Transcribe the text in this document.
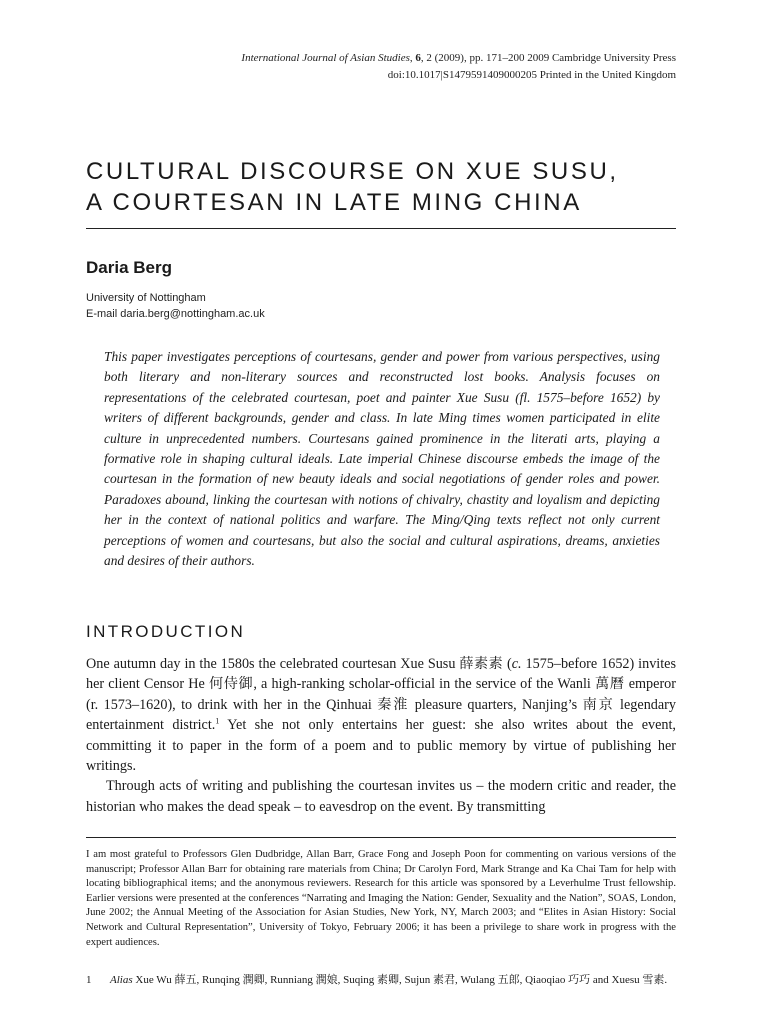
International Journal of Asian Studies, 6, 2 (2009), pp. 171–200 2009 Cambridge University Press
doi:10.1017|S1479591409000205 Printed in the United Kingdom
CULTURAL DISCOURSE ON XUE SUSU,
A COURTESAN IN LATE MING CHINA
Daria Berg
University of Nottingham
E-mail daria.berg@nottingham.ac.uk

This paper investigates perceptions of courtesans, gender and power from various perspectives, using both literary and non-literary sources and reconstructed lost books. Analysis focuses on representations of the celebrated courtesan, poet and painter Xue Susu (fl. 1575–before 1652) by writers of different backgrounds, gender and class. In late Ming times women participated in elite culture in unprecedented numbers. Courtesans gained prominence in the literati arts, playing a formative role in shaping cultural ideals. Late imperial Chinese discourse embeds the image of the courtesan in the formation of new beauty ideals and social negotiations of gender roles and power. Paradoxes abound, linking the courtesan with notions of chivalry, chastity and loyalism and depicting her in the context of national politics and warfare. The Ming/Qing texts reflect not only current perceptions of women and courtesans, but also the social and cultural aspirations, dreams, anxieties and desires of their authors.

INTRODUCTION

One autumn day in the 1580s the celebrated courtesan Xue Susu 薛素素 (c. 1575–before 1652) invites her client Censor He 何侍御, a high-ranking scholar-official in the service of the Wanli 萬曆 emperor (r. 1573–1620), to drink with her in the Qinhuai 秦淮 pleasure quarters, Nanjing’s 南京 legendary entertainment district.$^1$ Yet she not only entertains her guest: she also writes about the event, committing it to paper in the form of a poem and to public memory by virtue of publishing her writings.

Through acts of writing and publishing the courtesan invites us – the modern critic and reader, the historian who makes the dead speak – to eavesdrop on the event. By transmitting

I am most grateful to Professors Glen Dudbridge, Allan Barr, Grace Fong and Joseph Poon for commenting on various versions of the manuscript; Professor Allan Barr for obtaining rare materials from China; Dr Carolyn Ford, Mark Strange and Ka Chai Tam for help with locating bibliographical items; and the anonymous reviewers. Research for this article was sponsored by a Leverhulme Trust fellowship. Earlier versions were presented at the conferences “Narrating and Imaging the Nation: Gender, Sexuality and the Nation”, SOAS, London, June 2002; the Annual Meeting of the Association for Asian Studies, New York, NY, March 2003; and “Elites in Asian History: Social Network and Cultural Representation”, University of Tokyo, February 2006; it has been a privilege to share work in progress with the expert audiences.

1	Alias Xue Wu 薛五, Runqing 潤卿, Runniang 潤娘, Suqing 素卿, Sujun 素君, Wulang 五郎, Qiaoqiao 巧巧 and Xuesu 雪素.
